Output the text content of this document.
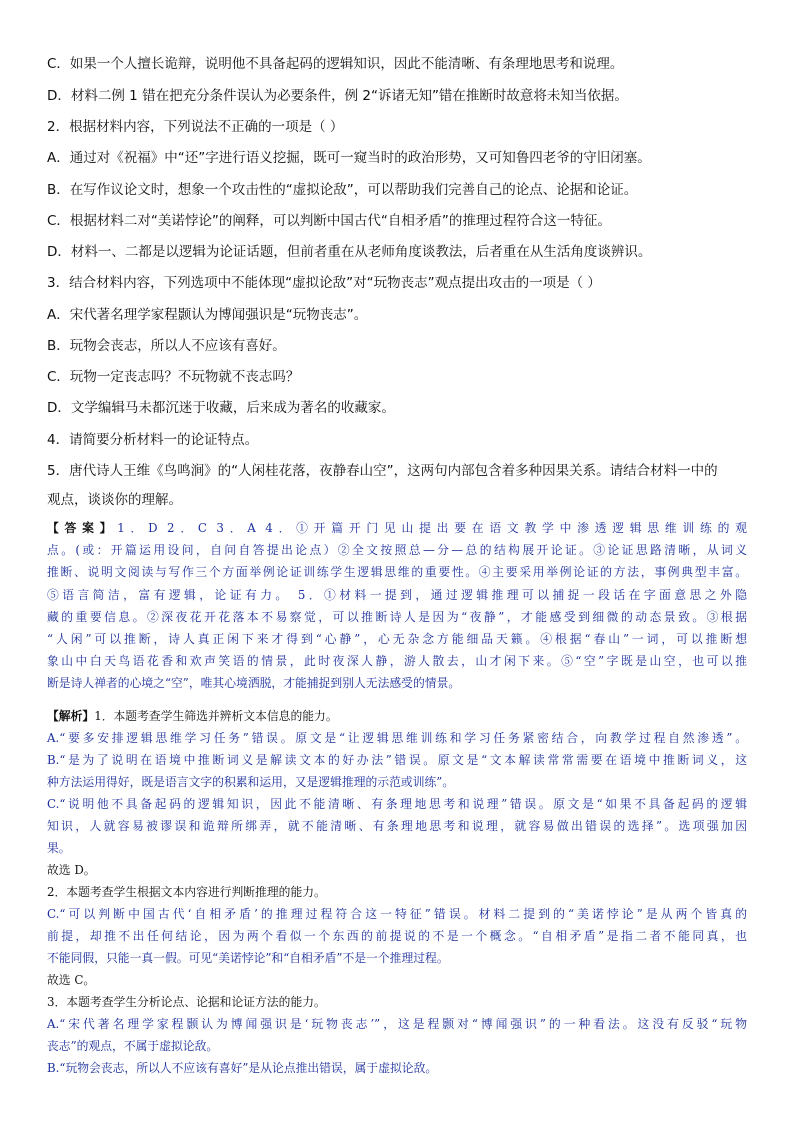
C．如果一个人擅长诡辩，说明他不具备起码的逻辑知识，因此不能清晰、有条理地思考和说理。
D．材料二例 1 错在把充分条件误认为必要条件，例 2“诉诸无知”错在推断时故意将未知当依据。
2．根据材料内容，下列说法不正确的一项是（ ）
A．通过对《祝福》中“还”字进行语义挖掘，既可一窥当时的政治形势，又可知鲁四老爷的守旧闭塞。
B．在写作议论文时，想象一个攻击性的“虚拟论敌”，可以帮助我们完善自己的论点、论据和论证。
C．根据材料二对“美诺悖论”的阐释，可以判断中国古代“自相矛盾”的推理过程符合这一特征。
D．材料一、二都是以逻辑为论证话题，但前者重在从老师角度谈教法，后者重在从生活角度谈辨识。
3．结合材料内容，下列选项中不能体现“虚拟论敌”对“玩物丧志”观点提出攻击的一项是（ ）
A．宋代著名理学家程颢认为博闻强识是“玩物丧志”。
B．玩物会丧志，所以人不应该有喜好。
C．玩物一定丧志吗？不玩物就不丧志吗？
D．文学编辑马未都沉迷于收藏，后来成为著名的收藏家。
4．请简要分析材料一的论证特点。
5．唐代诗人王维《鸟鸣涧》的“人闲桂花落，夜静春山空”，这两句内部包含着多种因果关系。请结合材料一中的
观点，谈谈你的理解。
【答案】1．D 2．C 3．A 4．①开篇开门见山提出要在语文教学中渗透逻辑思维训练的观
点。(或：开篇运用设问，自问自答提出论点）②全文按照总—分—总的结构展开论证。③论证思路清晰，从词义
推断、说明文阅读与写作三个方面举例论证训练学生逻辑思维的重要性。④主要采用举例论证的方法，事例典型丰富。
⑤语言简洁，富有逻辑，论证有力。 5．①材料一提到，通过逻辑推理可以捕捉一段话在字面意思之外隐
藏的重要信息。②深夜花开花落本不易察觉，可以推断诗人是因为“夜静”，才能感受到细微的动态景致。③根据
“人闲”可以推断，诗人真正闲下来才得到“心静”，心无杂念方能细品天籁。④根据“春山”一词，可以推断想
象山中白天鸟语花香和欢声笑语的情景，此时夜深人静，游人散去，山才闲下来。⑤“空”字既是山空，也可以推
断是诗人禅者的心境之“空”，唯其心境洒脱，才能捕捉到别人无法感受的情景。
【解析】1．本题考查学生筛选并辨析文本信息的能力。
A.“要多安排逻辑思维学习任务”错误。原文是“让逻辑思维训练和学习任务紧密结合，向教学过程自然渗透”。
B.“是为了说明在语境中推断词义是解读文本的好办法”错误。原文是“文本解读常常需要在语境中推断词义，这
种方法运用得好，既是语言文字的积累和运用，又是逻辑推理的示范或训练”。
C.“说明他不具备起码的逻辑知识，因此不能清晰、有条理地思考和说理”错误。原文是“如果不具备起码的逻辑
知识，人就容易被谬误和诡辩所绑弄，就不能清晰、有条理地思考和说理，就容易做出错误的选择”。选项强加因
果。
故选 D。
2．本题考查学生根据文本内容进行判断推理的能力。
C.“可以判断中国古代‘自相矛盾’的推理过程符合这一特征”错误。材料二提到的“美诺悖论”是从两个皆真的
前提，却推不出任何结论，因为两个看似一个东西的前提说的不是一个概念。“自相矛盾”是指二者不能同真，也
不能同假，只能一真一假。可见“美诺悖论”和“自相矛盾”不是一个推理过程。
故选 C。
3．本题考查学生分析论点、论据和论证方法的能力。
A.“宋代著名理学家程颢认为博闻强识是‘玩物丧志’”，这是程颢对“博闻强识”的一种看法。这没有反驳“玩物
丧志”的观点，不属于虚拟论敌。
B.“玩物会丧志，所以人不应该有喜好”是从论点推出错误，属于虚拟论敌。
